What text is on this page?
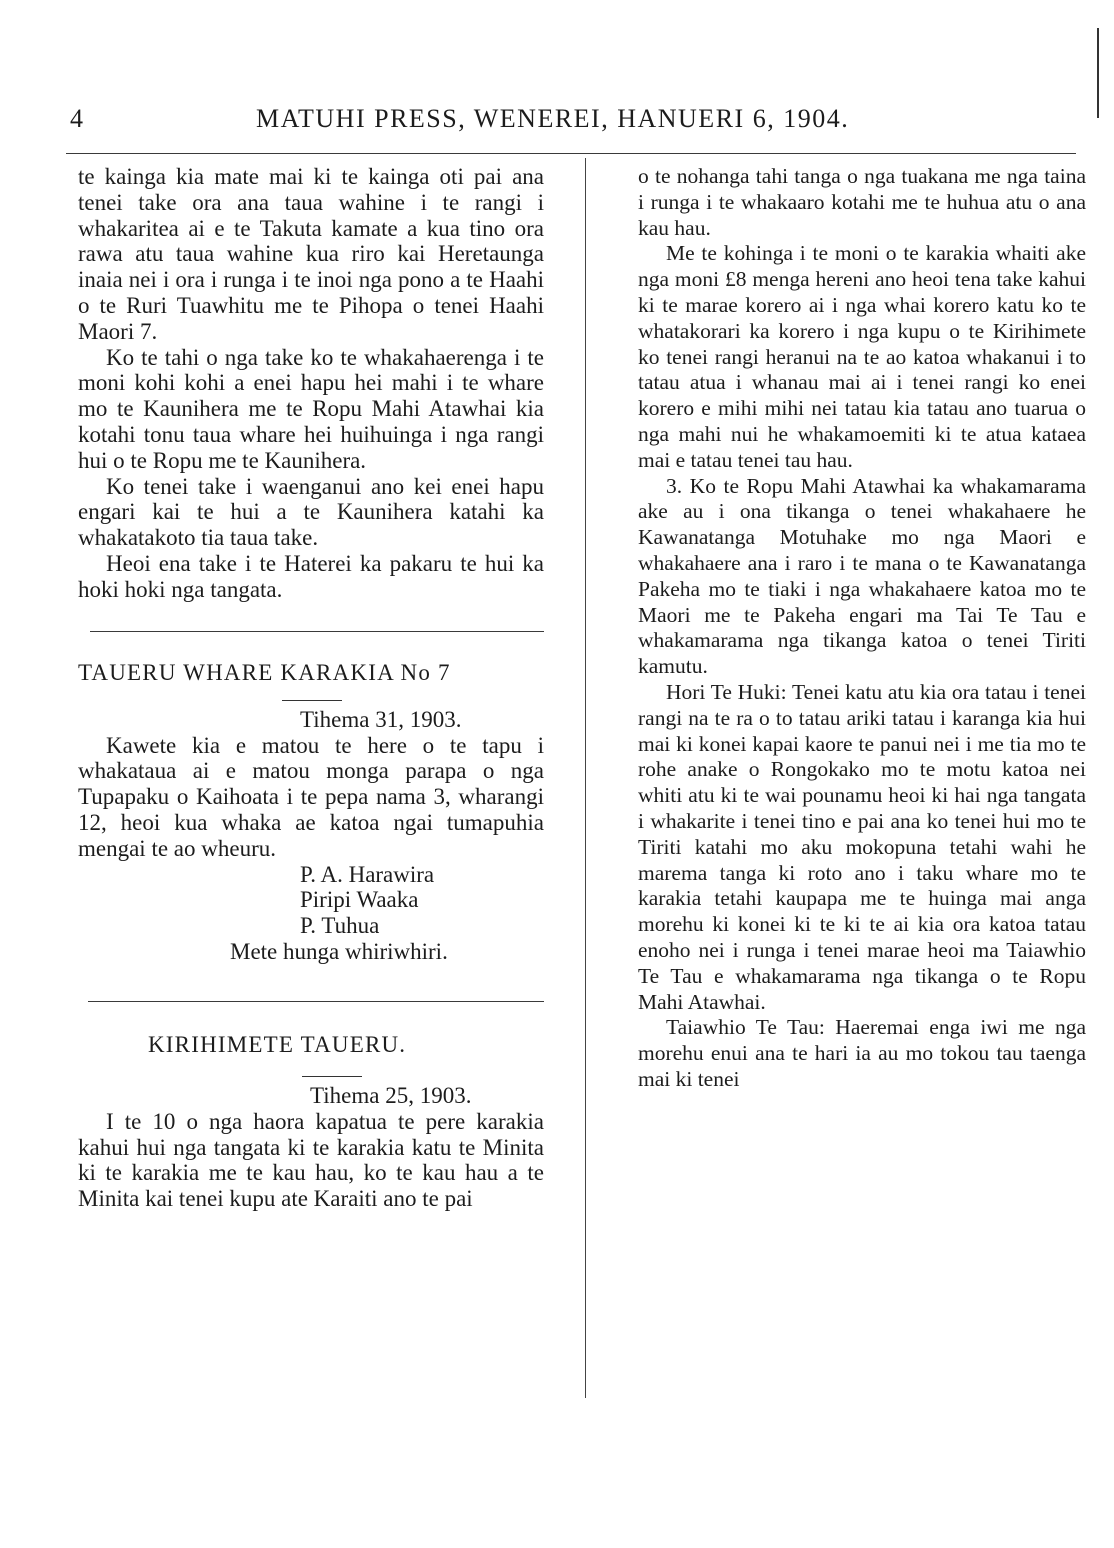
4	MATUHI PRESS, WENEREI, HANUERI 6, 1904.

te kainga kia mate mai ki te kainga oti pai ana tenei take ora ana taua wahine i te rangi i whakaritea ai e te Takuta kamate a kua tino ora rawa atu taua wahine kua riro kai Heretaunga inaia nei i ora i runga i te inoi nga pono a te Haahi o te Ruri Tuawhitu me te Pihopa o tenei Haahi Maori 7.

Ko te tahi o nga take ko te whakahaerenga i te moni kohi kohi a enei hapu hei mahi i te whare mo te Kaunihera me te Ropu Mahi Atawhai kia kotahi tonu taua whare hei huihuinga i nga rangi hui o te Ropu me te Kaunihera.

Ko tenei take i waenganui ano kei enei hapu engari kai te hui a te Kaunihera katahi ka whakatakoto tia taua take.

Heoi ena take i te Haterei ka pakaru te hui ka hoki hoki nga tangata.

TAUERU WHARE KARAKIA No 7
Tihema 31, 1903.

Kawete kia e matou te here o te tapu i whakataua ai e matou monga parapa o nga Tupapaku o Kaihoata i te pepa nama 3, wharangi 12, heoi kua whaka ae katoa ngai tumapuhia mengai te ao wheuru.

P. A. Harawira
Piripi Waaka
P. Tuhua
Mete hunga whiriwhiri.
KIRIHIMETE TAUERU.
Tihema 25, 1903.

I te 10 o nga haora kapatua te pere karakia kahui hui nga tangata ki te karakia katu te Minita ki te karakia me te kau hau, ko te kau hau a te Minita kai tenei kupu ate Karaiti ano te pai

o te nohanga tahi tanga o nga tuakana me nga taina i runga i te whakaaro kotahi me te huhua atu o ana kau hau.

Me te kohinga i te moni o te karakia whaiti ake nga moni £8 menga hereni ano heoi tena take kahui ki te marae korero ai i nga whai korero katu ko te whatakorari ka korero i nga kupu o te Kirihimete ko tenei rangi heranui na te ao katoa whakanui i to tatau atua i whanau mai ai i tenei rangi ko enei korero e mihi mihi nei tatau kia tatau ano tuarua o nga mahi nui he whakamoemiti ki te atua kataea mai e tatau tenei tau hau.

3. Ko te Ropu Mahi Atawhai ka whakamarama ake au i ona tikanga o tenei whakahaere he Kawanatanga Motuhake mo nga Maori e whakahaere ana i raro i te mana o te Kawanatanga Pakeha mo te tiaki i nga whakahaere katoa mo te Maori me te Pakeha engari ma Tai Te Tau e whakamarama nga tikanga katoa o tenei Tiriti kamutu.

Hori Te Huki: Tenei katu atu kia ora tatau i tenei rangi na te ra o to tatau ariki tatau i karanga kia hui mai ki konei kapai kaore te panui nei i me tia mo te rohe anake o Rongokako mo te motu katoa nei whiti atu ki te wai pounamu heoi ki hai nga tangata i whakarite i tenei tino e pai ana ko tenei hui mo te Tiriti katahi mo aku mokopuna tetahi wahi he marema tanga ki roto ano i taku whare mo te karakia tetahi kaupapa me te huinga mai anga morehu ki konei ki te ki te ai kia ora katoa tatau enoho nei i runga i tenei marae heoi ma Taiawhio Te Tau e whakamarama nga tikanga o te Ropu Mahi Atawhai.

Taiawhio Te Tau: Haeremai enga iwi me nga morehu enui ana te hari ia au mo tokou tau taenga mai ki tenei
